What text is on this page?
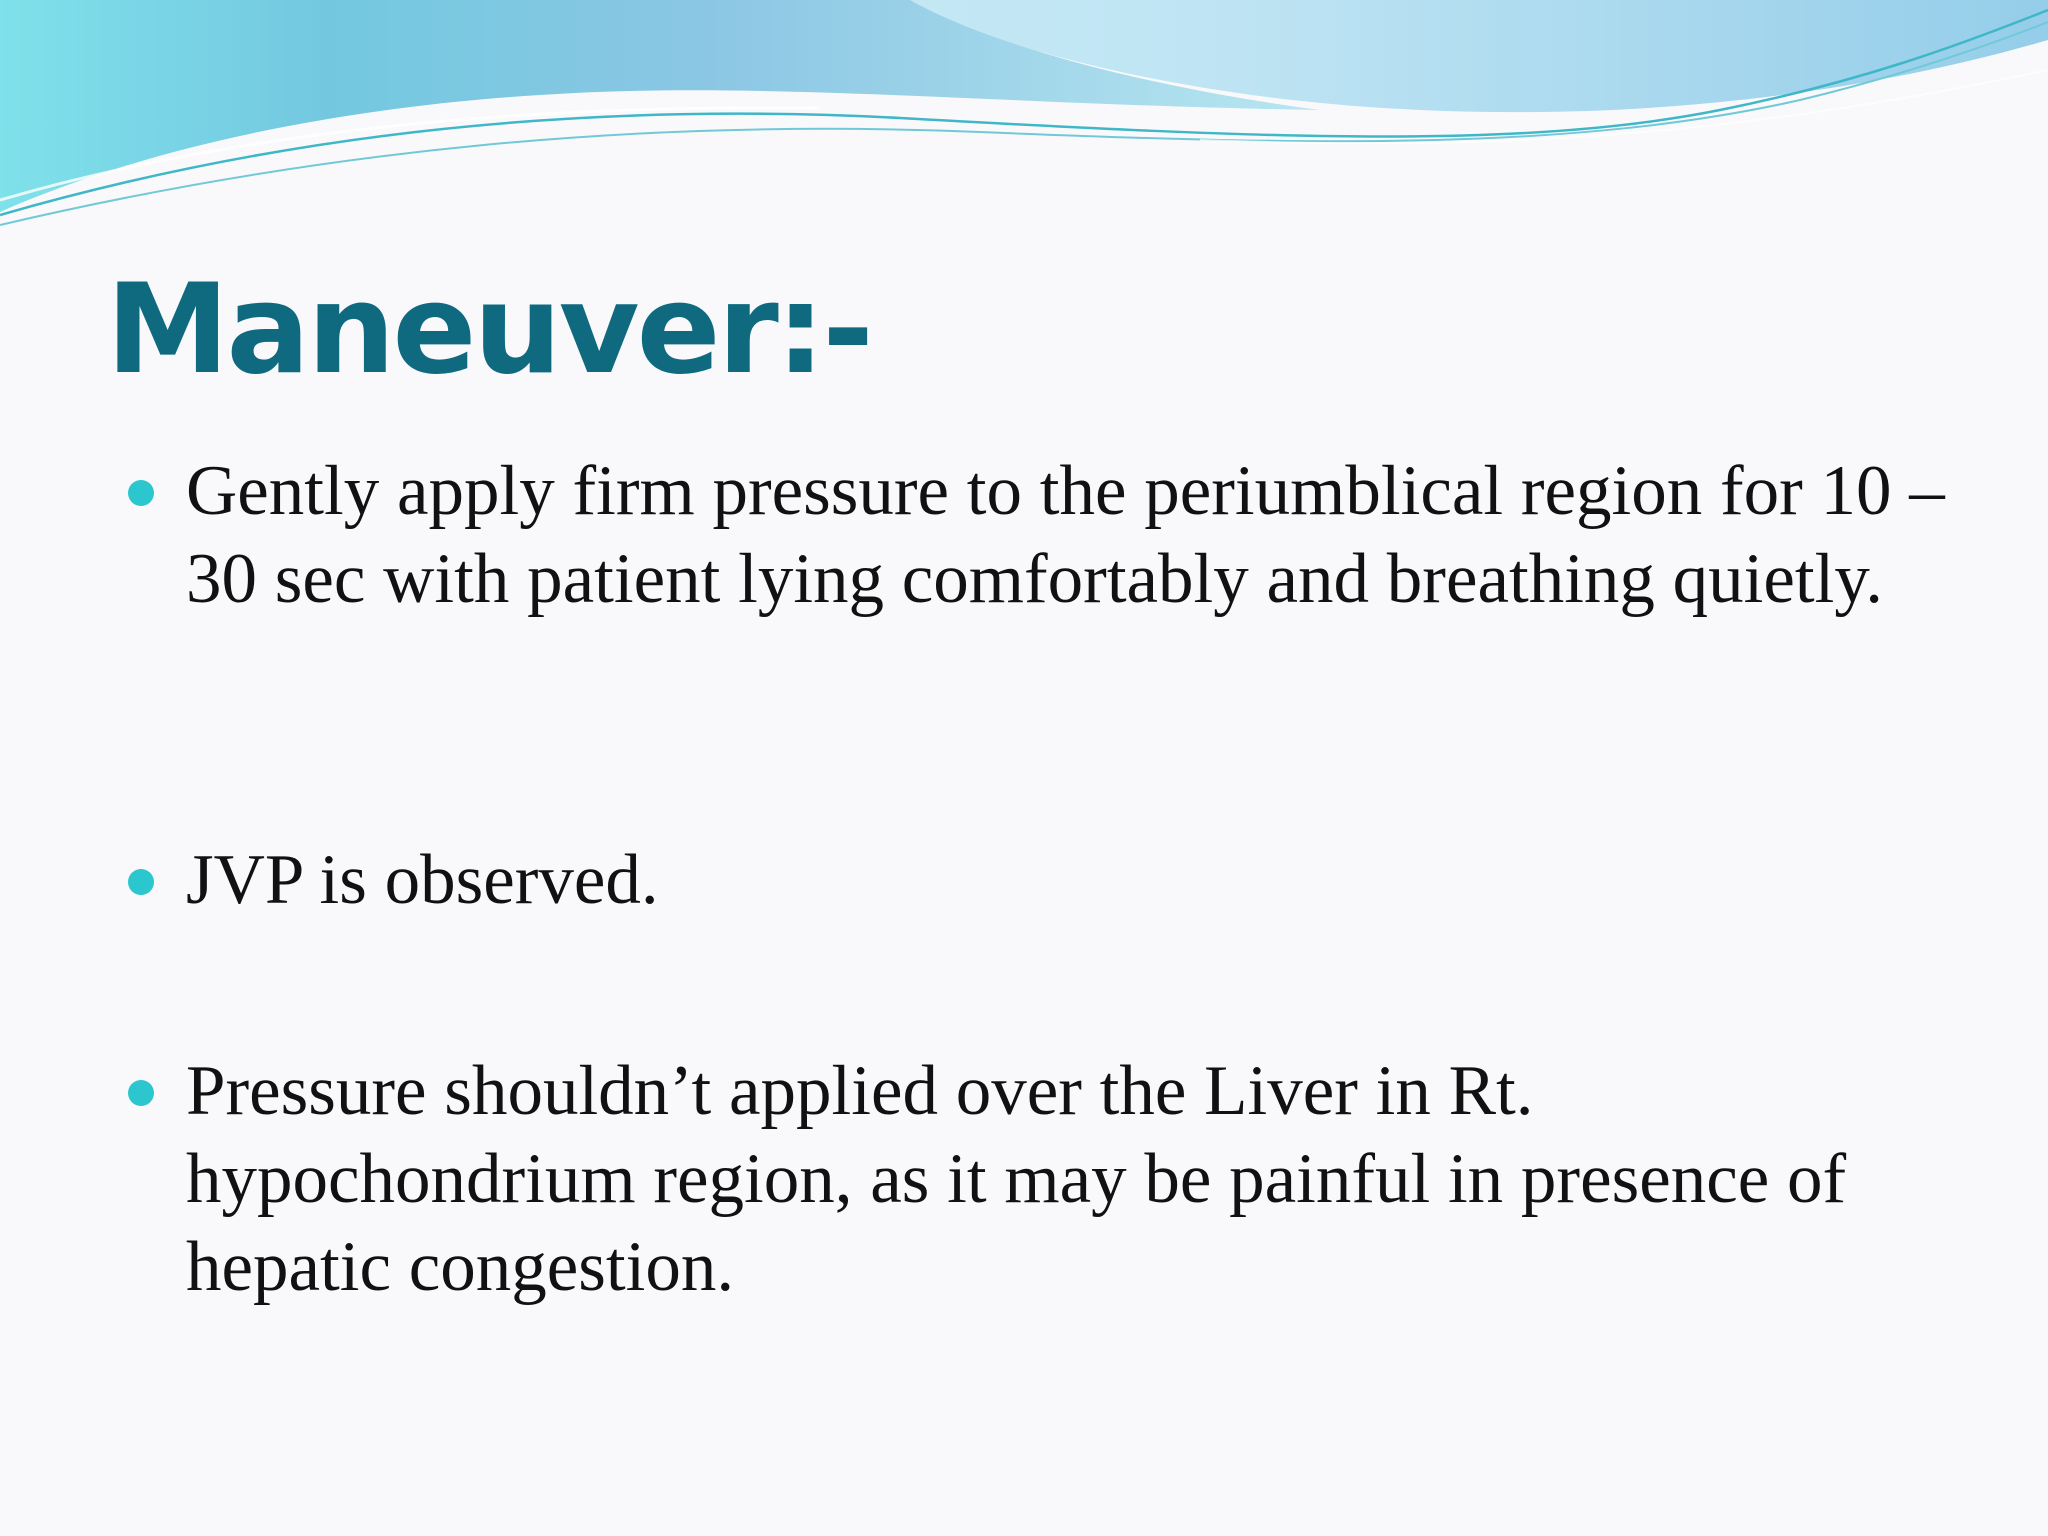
Maneuver:-
Gently apply firm pressure to the periumblical region for 10 – 30 sec with patient lying comfortably and breathing quietly.
JVP is observed.
Pressure shouldn’t applied over the Liver in Rt. hypochondrium region, as it may be painful in presence of hepatic congestion.
